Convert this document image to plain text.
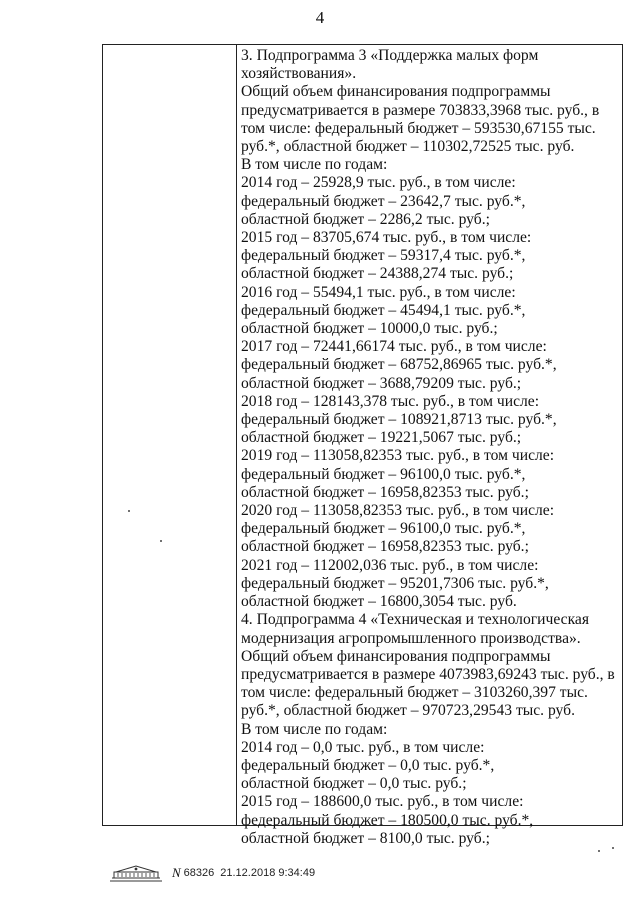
4
3. Подпрограмма 3 «Поддержка малых форм
хозяйствования».
Общий объем финансирования подпрограммы
предусматривается в размере 703833,3968 тыс. руб., в
том числе: федеральный бюджет – 593530,67155 тыс.
руб.*, областной бюджет – 110302,72525 тыс. руб.
В том числе по годам:
2014 год – 25928,9 тыс. руб., в том числе:
федеральный бюджет – 23642,7 тыс. руб.*,
областной бюджет – 2286,2 тыс. руб.;
2015 год – 83705,674 тыс. руб., в том числе:
федеральный бюджет – 59317,4 тыс. руб.*,
областной бюджет – 24388,274 тыс. руб.;
2016 год – 55494,1 тыс. руб., в том числе:
федеральный бюджет – 45494,1 тыс. руб.*,
областной бюджет – 10000,0 тыс. руб.;
2017 год – 72441,66174 тыс. руб., в том числе:
федеральный бюджет – 68752,86965 тыс. руб.*,
областной бюджет – 3688,79209 тыс. руб.;
2018 год – 128143,378 тыс. руб., в том числе:
федеральный бюджет – 108921,8713 тыс. руб.*,
областной бюджет – 19221,5067 тыс. руб.;
2019 год – 113058,82353 тыс. руб., в том числе:
федеральный бюджет – 96100,0 тыс. руб.*,
областной бюджет – 16958,82353 тыс. руб.;
2020 год – 113058,82353 тыс. руб., в том числе:
федеральный бюджет – 96100,0 тыс. руб.*,
областной бюджет – 16958,82353 тыс. руб.;
2021 год – 112002,036 тыс. руб., в том числе:
федеральный бюджет – 95201,7306 тыс. руб.*,
областной бюджет – 16800,3054 тыс. руб.
4. Подпрограмма 4 «Техническая и технологическая
модернизация агропромышленного производства».
Общий объем финансирования подпрограммы
предусматривается в размере 4073983,69243 тыс. руб., в
том числе: федеральный бюджет – 3103260,397 тыс.
руб.*, областной бюджет – 970723,29543 тыс. руб.
В том числе по годам:
2014 год – 0,0 тыс. руб., в том числе:
федеральный бюджет – 0,0 тыс. руб.*,
областной бюджет – 0,0 тыс. руб.;
2015 год – 188600,0 тыс. руб., в том числе:
федеральный бюджет – 180500,0 тыс. руб.*,
областной бюджет – 8100,0 тыс. руб.;
N 68326 21.12.2018 9:34:49
